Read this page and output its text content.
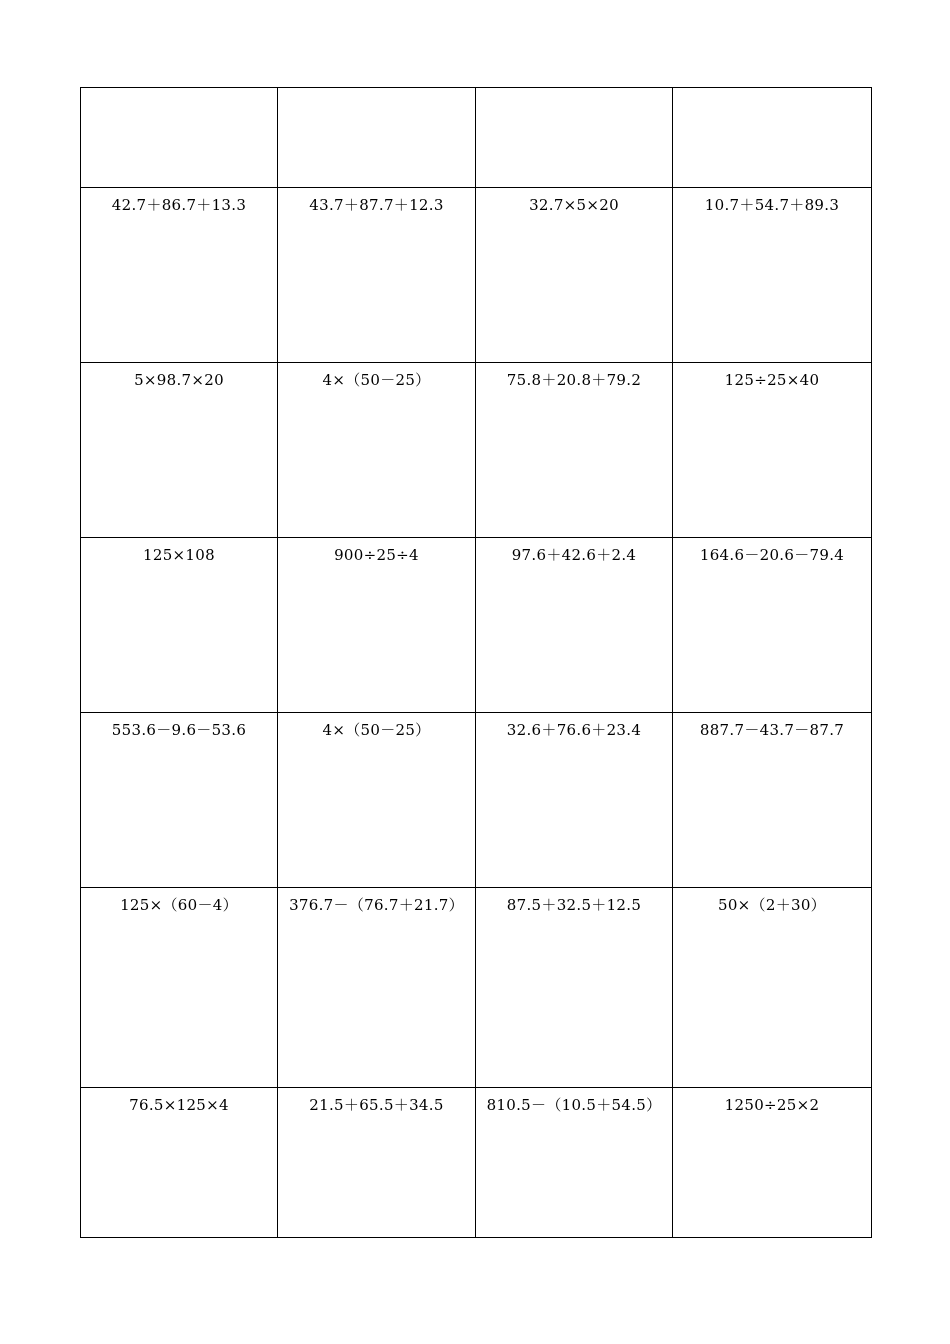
42.7＋86.7＋13.3	43.7＋87.7＋12.3	32.7×5×20	10.7＋54.7＋89.3
5×98.7×20	4×（50－25）	75.8＋20.8＋79.2	125÷25×40
125×108	900÷25÷4	97.6＋42.6＋2.4	164.6－20.6－79.4
553.6－9.6－53.6	4×（50－25）	32.6＋76.6＋23.4	887.7－43.7－87.7
125×（60－4）	376.7－（76.7＋21.7）	87.5＋32.5＋12.5	50×（2＋30）
76.5×125×4	21.5＋65.5＋34.5	810.5－（10.5＋54.5）	1250÷25×2
